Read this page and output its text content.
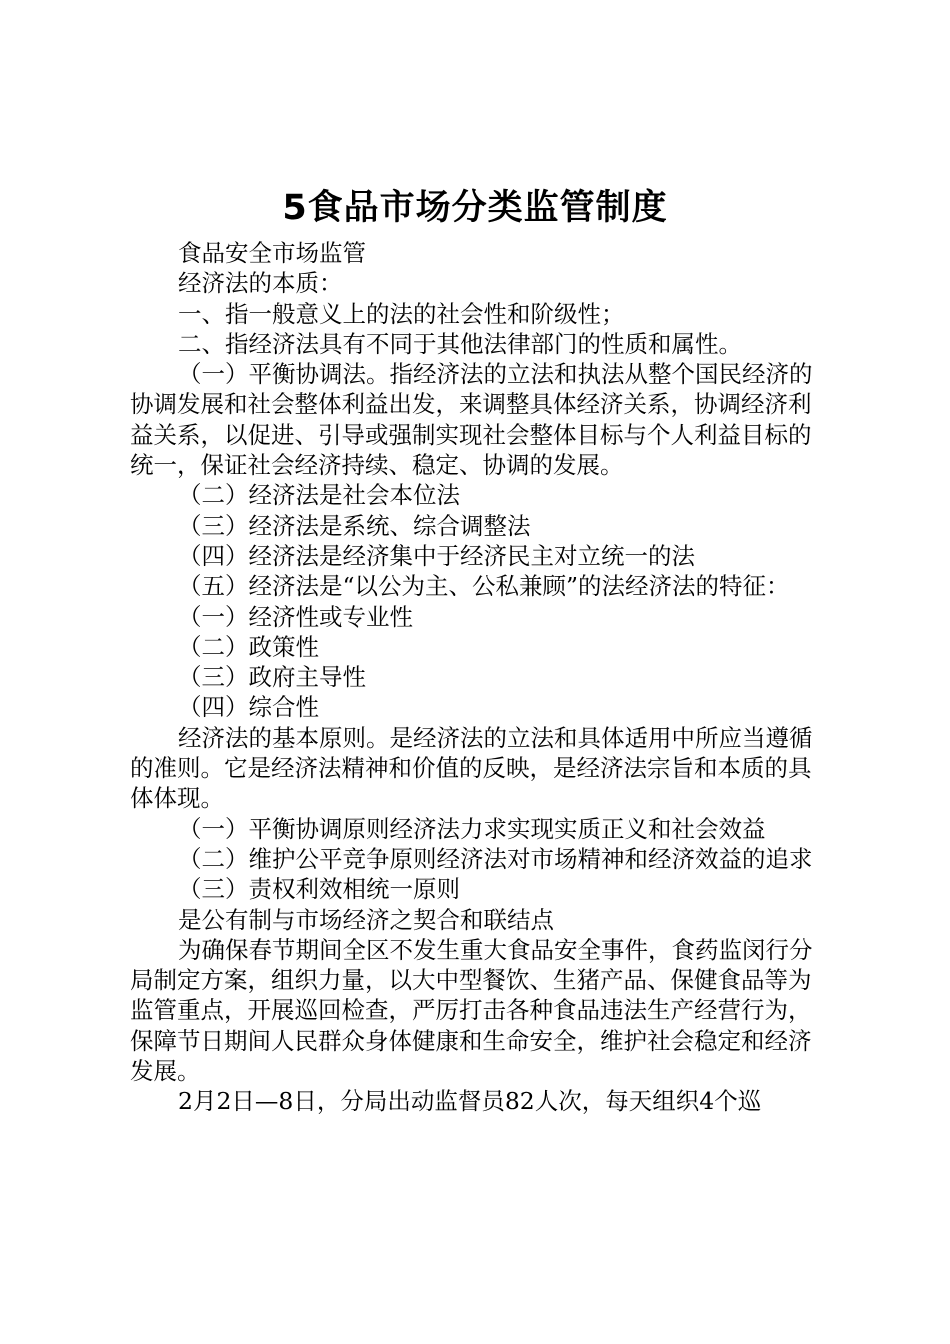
5食品市场分类监管制度

食品安全市场监管

经济法的本质：

一、指一般意义上的法的社会性和阶级性；

二、指经济法具有不同于其他法律部门的性质和属性。

（一）平衡协调法。指经济法的立法和执法从整个国民经济的协调发展和社会整体利益出发，来调整具体经济关系，协调经济利益关系，以促进、引导或强制实现社会整体目标与个人利益目标的统一，保证社会经济持续、稳定、协调的发展。

（二）经济法是社会本位法

（三）经济法是系统、综合调整法

（四）经济法是经济集中于经济民主对立统一的法

（五）经济法是“以公为主、公私兼顾”的法经济法的特征：

（一）经济性或专业性

（二）政策性

（三）政府主导性

（四）综合性

经济法的基本原则。是经济法的立法和具体适用中所应当遵循的准则。它是经济法精神和价值的反映，是经济法宗旨和本质的具体体现。

（一）平衡协调原则经济法力求实现实质正义和社会效益

（二）维护公平竞争原则经济法对市场精神和经济效益的追求

（三）责权利效相统一原则

是公有制与市场经济之契合和联结点

为确保春节期间全区不发生重大食品安全事件，食药监闵行分局制定方案，组织力量，以大中型餐饮、生猪产品、保健食品等为监管重点，开展巡回检查，严厉打击各种食品违法生产经营行为，保障节日期间人民群众身体健康和生命安全，维护社会稳定和经济发展。

2月2日—8日，分局出动监督员82人次，每天组织4个巡
